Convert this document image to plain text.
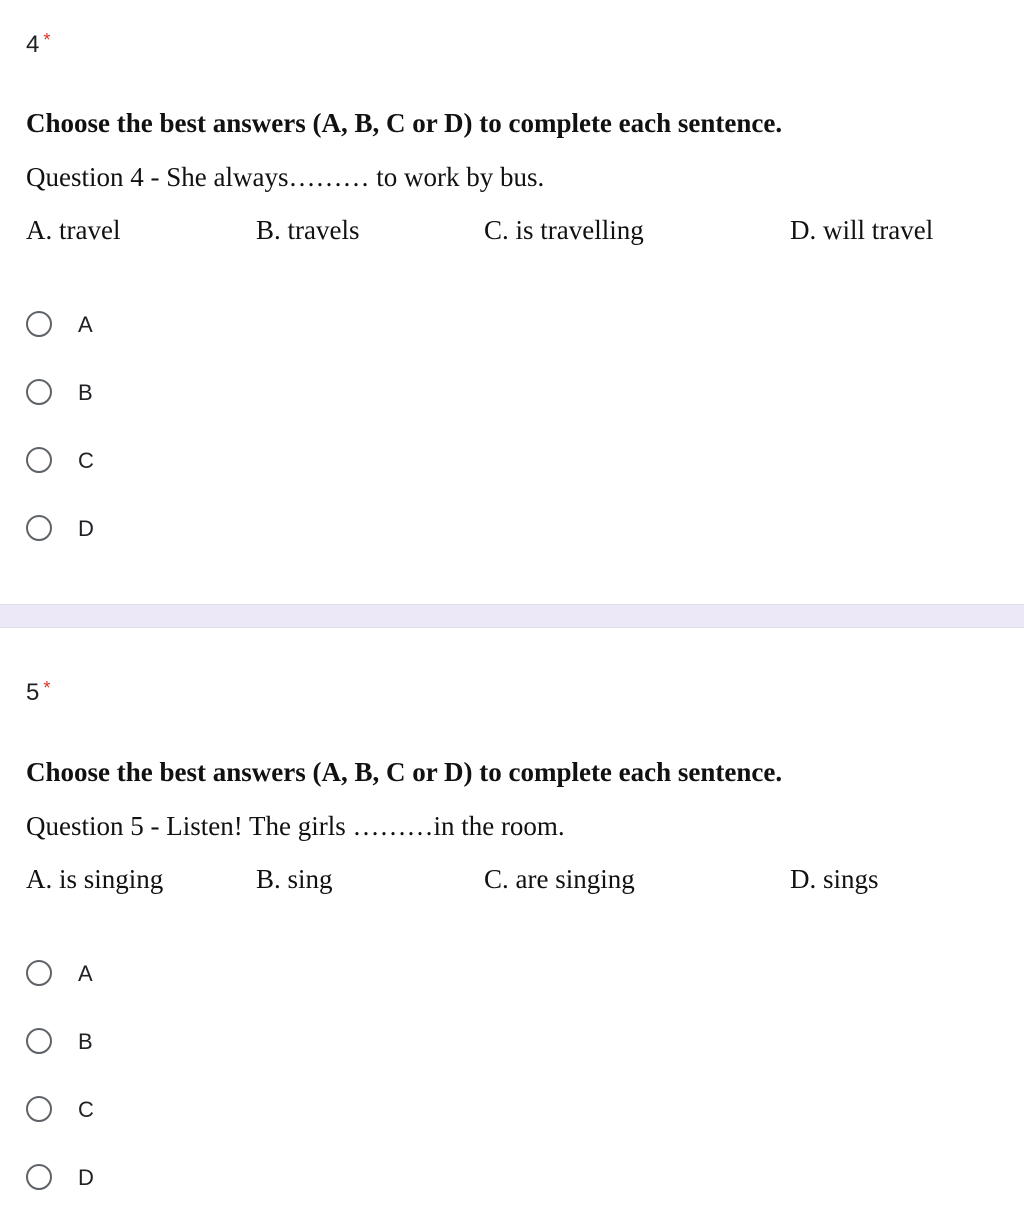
4 *
Choose the best answers (A, B, C or D) to complete each sentence.
Question 4 - She always……… to work by bus.
A. travel	B. travels	C. is travelling	D. will travel
A
B
C
D
5 *
Choose the best answers (A, B, C or D) to complete each sentence.
Question 5 - Listen! The girls ………in the room.
A. is singing	B. sing	C. are singing	D. sings
A
B
C
D
